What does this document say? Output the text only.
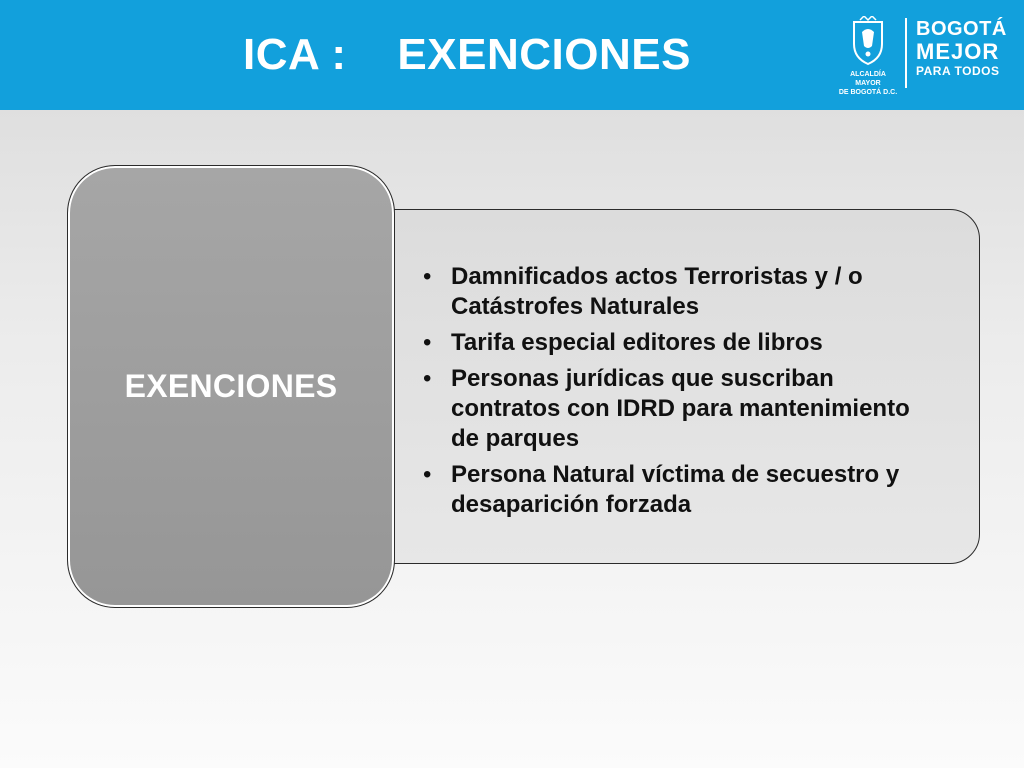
ICA :    EXENCIONES	ALCALDÍA MAYOR
DE BOGOTÁ D.C.
BOGOTÁ
MEJOR
PARA TODOS
• Damnificados actos Terroristas y / o Catástrofes Naturales
• Tarifa especial editores de libros
• Personas jurídicas que suscriban contratos con IDRD para mantenimiento de parques
• Persona Natural víctima de secuestro y desaparición forzada
EXENCIONES
